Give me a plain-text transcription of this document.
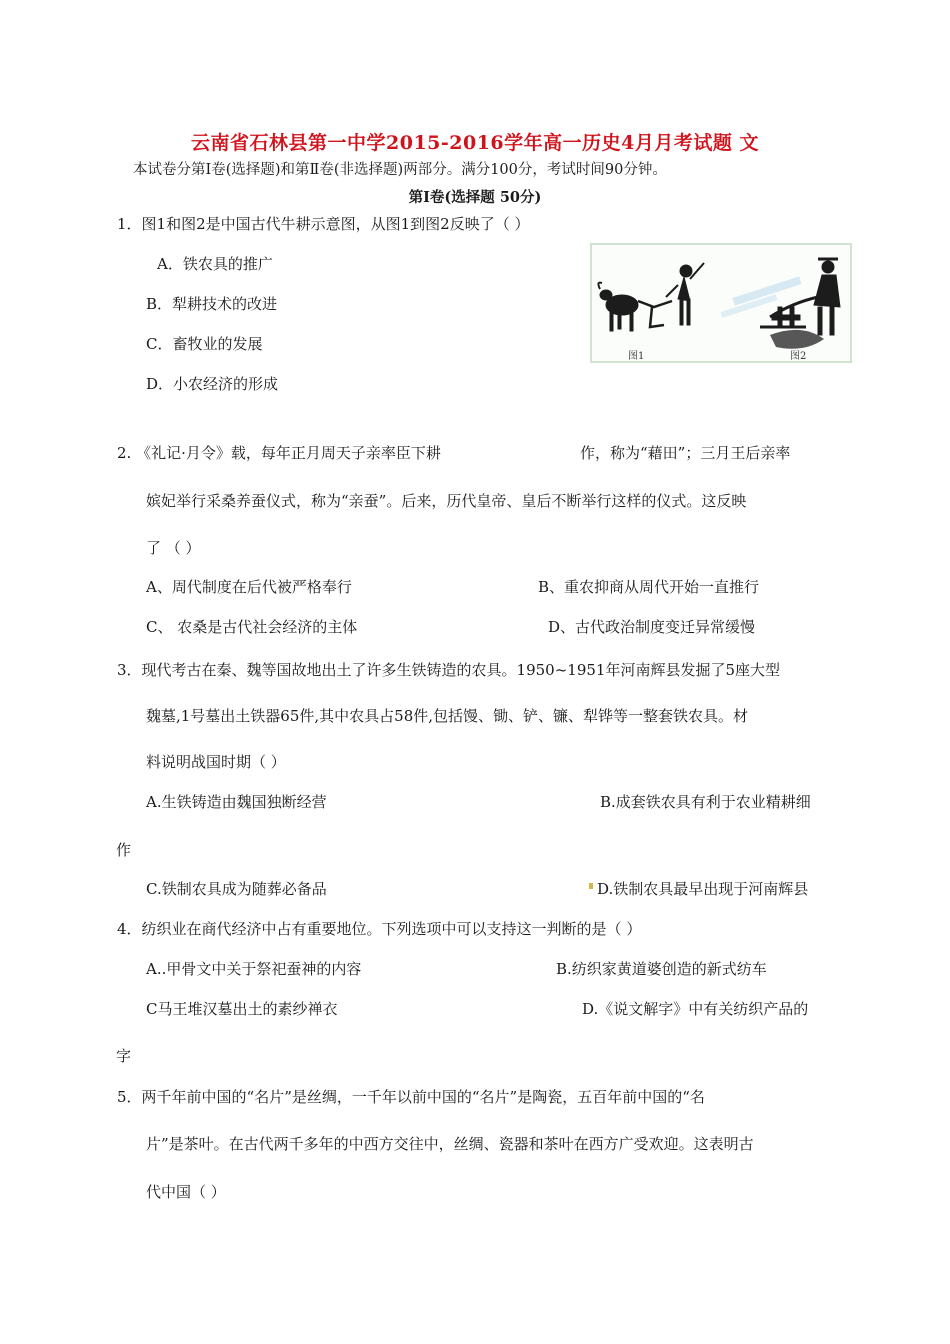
云南省石林县第一中学2015-2016学年高一历史4月月考试题 文
本试卷分第Ⅰ卷(选择题)和第Ⅱ卷(非选择题)两部分。满分100分，考试时间90分钟。
第Ⅰ卷(选择题 50分)
1．图1和图2是中国古代牛耕示意图，从图1到图2反映了（ ）
A．铁农具的推广
B．犁耕技术的改进
C．畜牧业的发展
D．小农经济的形成
图1	图2
2. 《礼记·月令》载，每年正月周天子亲率臣下耕	作，称为“藉田”；三月王后亲率
嫔妃举行采桑养蚕仪式，称为“亲蚕”。后来，历代皇帝、皇后不断举行这样的仪式。这反映
了 （ ）
A、周代制度在后代被严格奉行	B、重农抑商从周代开始一直推行
C、 农桑是古代社会经济的主体	D、古代政治制度变迁异常缓慢
3．现代考古在秦、魏等国故地出土了许多生铁铸造的农具。1950~1951年河南辉县发掘了5座大型
魏墓,1号墓出土铁器65件,其中农具占58件,包括馒、锄、铲、镰、犁铧等一整套铁农具。材
料说明战国时期（ ）
A.生铁铸造由魏国独断经营	B.成套铁农具有利于农业精耕细
作
C.铁制农具成为随葬必备品	D.铁制农具最早出现于河南辉县
4．纺织业在商代经济中占有重要地位。下列选项中可以支持这一判断的是（ ）
A..甲骨文中关于祭祀蚕神的内容	B.纺织家黄道婆创造的新式纺车
C马王堆汉墓出土的素纱禅衣	D.《说文解字》中有关纺织产品的
字
5．两千年前中国的“名片”是丝绸，一千年以前中国的“名片”是陶瓷，五百年前中国的“名
片”是茶叶。在古代两千多年的中西方交往中，丝绸、瓷器和茶叶在西方广受欢迎。这表明古
代中国（ ）
